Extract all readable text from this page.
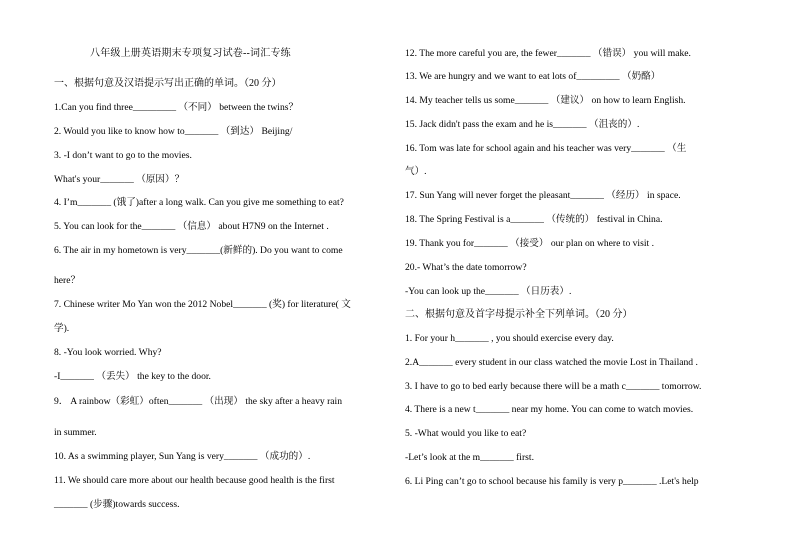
八年级上册英语期末专项复习试卷--词汇专练
一、根据句意及汉语提示写出正确的单词。（20 分）
1.Can you find three_________ （不同） between the twins？
2. Would you like to know how to_______ （到达） Beijing/
3. -I don’t want to go to the movies.
What's your_______ （原因）？
4. I’m_______ (饿了)after a long walk. Can you give me something to eat?
5. You can look for the_______ （信息） about H7N9 on the Internet .
6. The air in my hometown is very_______(新鲜的). Do you want to come
here？
7. Chinese writer Mo Yan won the 2012 Nobel_______ (奖) for literature( 文
学).
8. -You look worried. Why?
-I_______ （丢失） the key to the door.
9． A rainbow（彩虹）often_______ （出现） the sky after a heavy rain
in summer.
10. As a swimming player, Sun Yang is very_______ （成功的）.
11. We should care more about our health because good health is the first
_______ (步骤)towards success.
12. The more careful you are, the fewer_______ （错误） you will make.
13. We are hungry and we want to eat lots of_________ （奶酪）
14. My teacher tells us some_______ （建议） on how to learn English.
15. Jack didn't pass the exam and he is_______ （沮丧的）.
16. Tom was late for school again and his teacher was very_______ （生
气）.
17. Sun Yang will never forget the pleasant_______ （经历） in space.
18. The Spring Festival is a_______ （传统的） festival in China.
19. Thank you for_______ （接受） our plan on where to visit .
20.- What’s the date tomorrow?
-You can look up the_______ （日历表）.
二、根据句意及首字母提示补全下列单词。（20 分）
1. For your h_______ , you should exercise every day.
2.A_______ every student in our class watched the movie Lost in Thailand .
3. I have to go to bed early because there will be a math c_______ tomorrow.
4. There is a new t_______ near my home. You can come to watch movies.
5. -What would you like to eat?
-Let’s look at the m_______ first.
6. Li Ping can’t go to school because his family is very p_______ .Let's help
